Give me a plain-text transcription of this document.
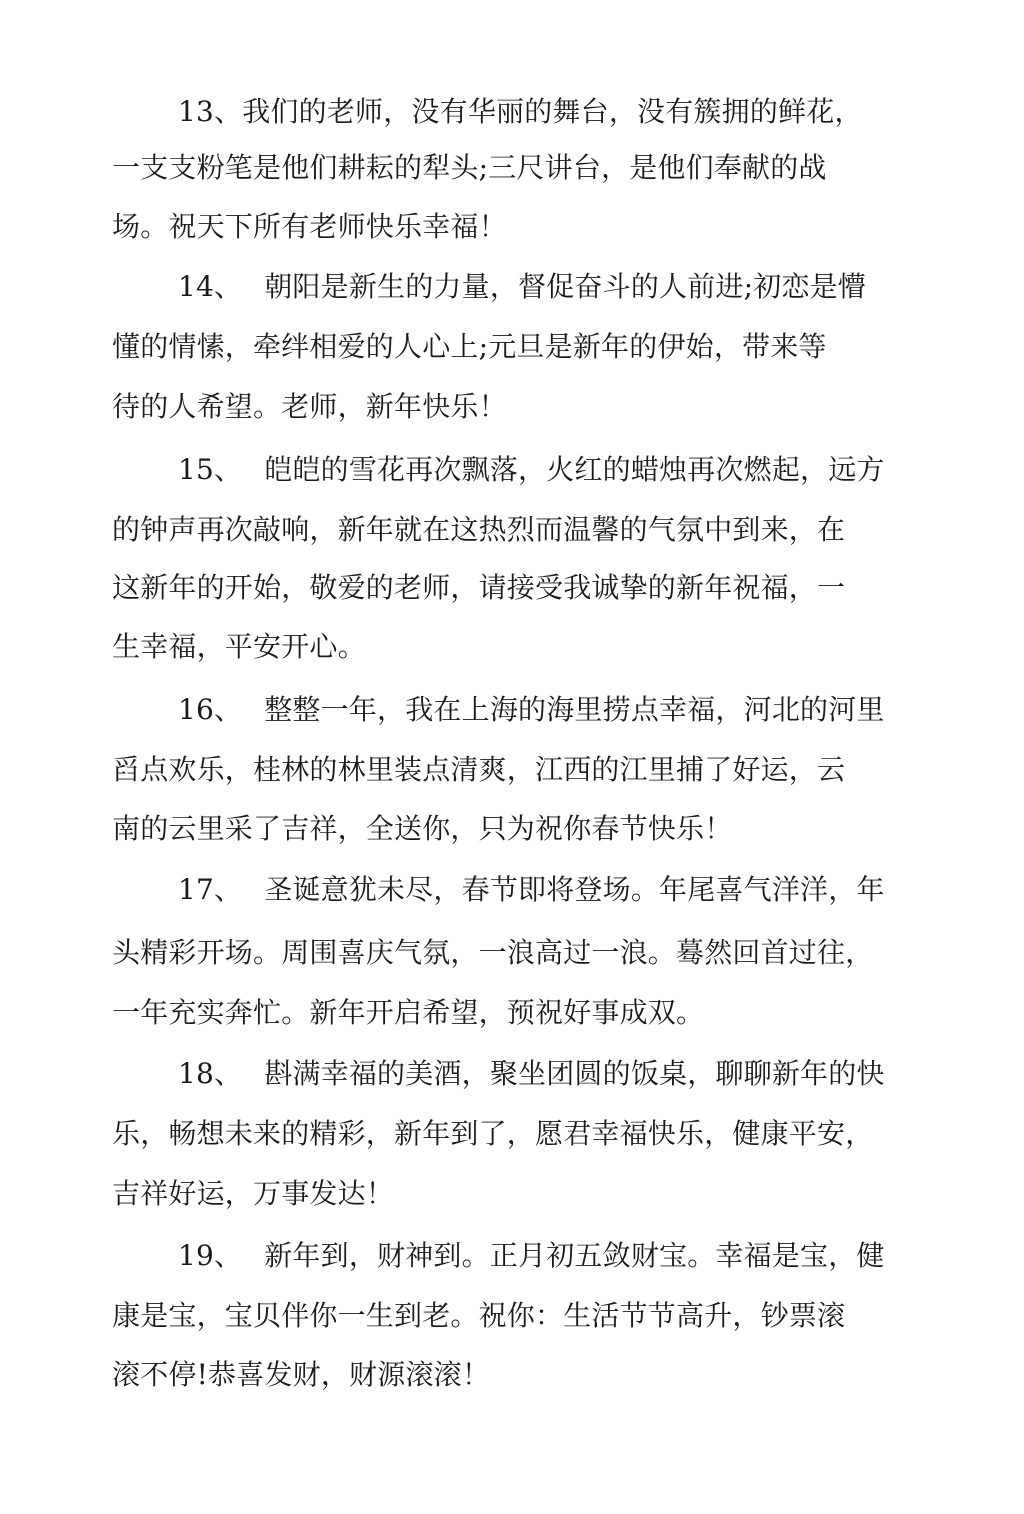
13、我们的老师，没有华丽的舞台，没有簇拥的鲜花，
一支支粉笔是他们耕耘的犁头;三尺讲台，是他们奉献的战
场。祝天下所有老师快乐幸福！
14、 朝阳是新生的力量，督促奋斗的人前进;初恋是懵
懂的情愫，牵绊相爱的人心上;元旦是新年的伊始，带来等
待的人希望。老师，新年快乐！
15、 皑皑的雪花再次飘落，火红的蜡烛再次燃起，远方
的钟声再次敲响，新年就在这热烈而温馨的气氛中到来，在
这新年的开始，敬爱的老师，请接受我诚挚的新年祝福，一
生幸福，平安开心。
16、 整整一年，我在上海的海里捞点幸福，河北的河里
舀点欢乐，桂林的林里装点清爽，江西的江里捕了好运，云
南的云里采了吉祥，全送你，只为祝你春节快乐！
17、 圣诞意犹未尽，春节即将登场。年尾喜气洋洋，年
头精彩开场。周围喜庆气氛，一浪高过一浪。蓦然回首过往，
一年充实奔忙。新年开启希望，预祝好事成双。
18、 斟满幸福的美酒，聚坐团圆的饭桌，聊聊新年的快
乐，畅想未来的精彩，新年到了，愿君幸福快乐，健康平安，
吉祥好运，万事发达！
19、 新年到，财神到。正月初五敛财宝。幸福是宝，健
康是宝，宝贝伴你一生到老。祝你：生活节节高升，钞票滚
滚不停!恭喜发财，财源滚滚！
